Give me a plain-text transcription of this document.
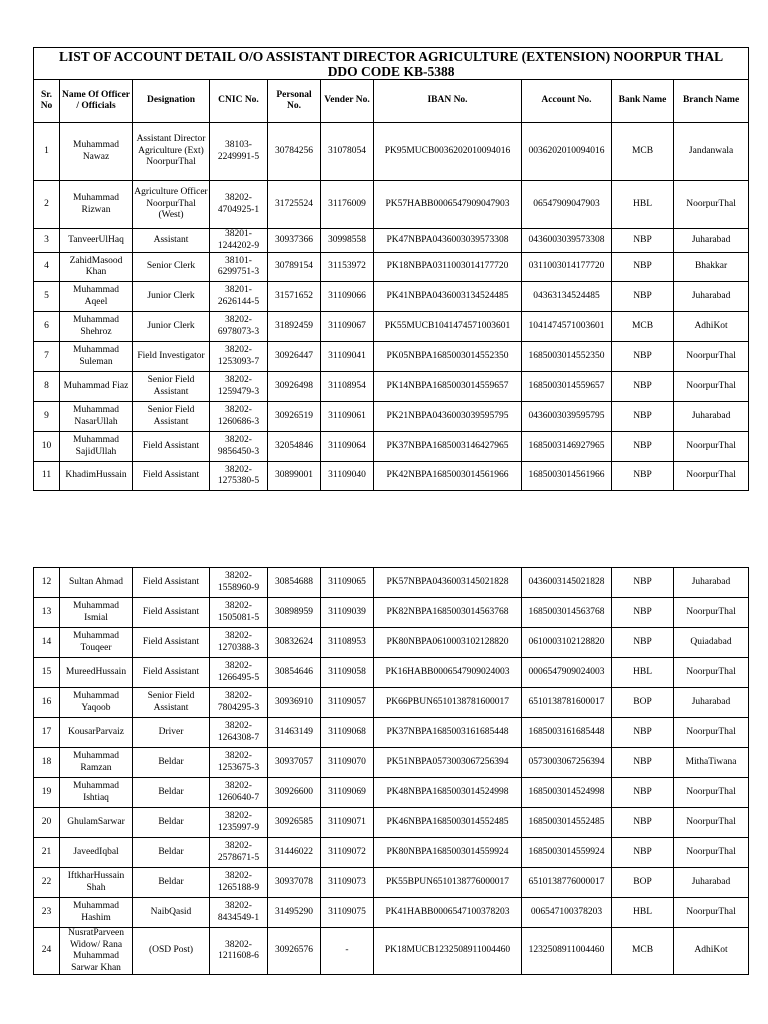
LIST OF ACCOUNT DETAIL O/O ASSISTANT DIRECTOR AGRICULTURE (EXTENSION) NOORPUR THAL
DDO CODE KB-5388									

Sr. No	Name Of Officer / Officials	Designation	CNIC No.	Personal No.	Vender No.	IBAN No.	Account No.	Bank Name	Branch Name
1	Muhammad Nawaz	Assistant Director Agriculture (Ext) NoorpurThal	38103-2249991-5	30784256	31078054	PK95MUCB0036202010094016	0036202010094016	MCB	Jandanwala
2	Muhammad Rizwan	Agriculture Officer NoorpurThal (West)	38202-4704925-1	31725524	31176009	PK57HABB0006547909047903	06547909047903	HBL	NoorpurThal
3	TanveerUlHaq	Assistant	38201-1244202-9	30937366	30998558	PK47NBPA0436003039573308	0436003039573308	NBP	Juharabad
4	ZahidMasood Khan	Senior Clerk	38101-6299751-3	30789154	31153972	PK18NBPA0311003014177720	0311003014177720	NBP	Bhakkar
5	Muhammad Aqeel	Junior Clerk	38201-2626144-5	31571652	31109066	PK41NBPA0436003134524485	04363134524485	NBP	Juharabad
6	Muhammad Shehroz	Junior Clerk	38202-6978073-3	31892459	31109067	PK55MUCB1041474571003601	1041474571003601	MCB	AdhiKot
7	Muhammad Suleman	Field Investigator	38202-1253093-7	30926447	31109041	PK05NBPA1685003014552350	1685003014552350	NBP	NoorpurThal
8	Muhammad Fiaz	Senior Field Assistant	38202-1259479-3	30926498	31108954	PK14NBPA1685003014559657	1685003014559657	NBP	NoorpurThal
9	Muhammad NasarUllah	Senior Field Assistant	38202-1260686-3	30926519	31109061	PK21NBPA0436003039595795	0436003039595795	NBP	Juharabad
10	Muhammad SajidUllah	Field Assistant	38202-9856450-3	32054846	31109064	PK37NBPA1685003146427965	1685003146927965	NBP	NoorpurThal
11	KhadimHussain	Field Assistant	38202-1275380-5	30899001	31109040	PK42NBPA1685003014561966	1685003014561966	NBP	NoorpurThal
12	Sultan Ahmad	Field Assistant	38202-1558960-9	30854688	31109065	PK57NBPA0436003145021828	0436003145021828	NBP	Juharabad
13	Muhammad Ismial	Field Assistant	38202-1505081-5	30898959	31109039	PK82NBPA1685003014563768	1685003014563768	NBP	NoorpurThal
14	Muhammad Touqeer	Field Assistant	38202-1270388-3	30832624	31108953	PK80NBPA0610003102128820	0610003102128820	NBP	Quiadabad
15	MureedHussain	Field Assistant	38202-1266495-5	30854646	31109058	PK16HABB0006547909024003	0006547909024003	HBL	NoorpurThal
16	Muhammad Yaqoob	Senior Field Assistant	38202-7804295-3	30936910	31109057	PK66PBUN6510138781600017	6510138781600017	BOP	Juharabad
17	KousarParvaiz	Driver	38202-1264308-7	31463149	31109068	PK37NBPA1685003161685448	1685003161685448	NBP	NoorpurThal
18	Muhammad Ramzan	Beldar	38202-1253675-3	30937057	31109070	PK51NBPA0573003067256394	0573003067256394	NBP	MithaTiwana
19	Muhammad Ishtiaq	Beldar	38202-1260640-7	30926600	31109069	PK48NBPA1685003014524998	1685003014524998	NBP	NoorpurThal
20	GhulamSarwar	Beldar	38202-1235997-9	30926585	31109071	PK46NBPA1685003014552485	1685003014552485	NBP	NoorpurThal
21	JaveedIqbal	Beldar	38202-2578671-5	31446022	31109072	PK80NBPA1685003014559924	1685003014559924	NBP	NoorpurThal
22	IftkharHussain Shah	Beldar	38202-1265188-9	30937078	31109073	PK55BPUN6510138776000017	6510138776000017	BOP	Juharabad
23	Muhammad Hashim	NaibQasid	38202-8434549-1	31495290	31109075	PK41HABB0006547100378203	006547100378203	HBL	NoorpurThal
24	NusratParveen Widow/ Rana Muhammad Sarwar Khan	(OSD Post)	38202-1211608-6	30926576	-	PK18MUCB1232508911004460	1232508911004460	MCB	AdhiKot
